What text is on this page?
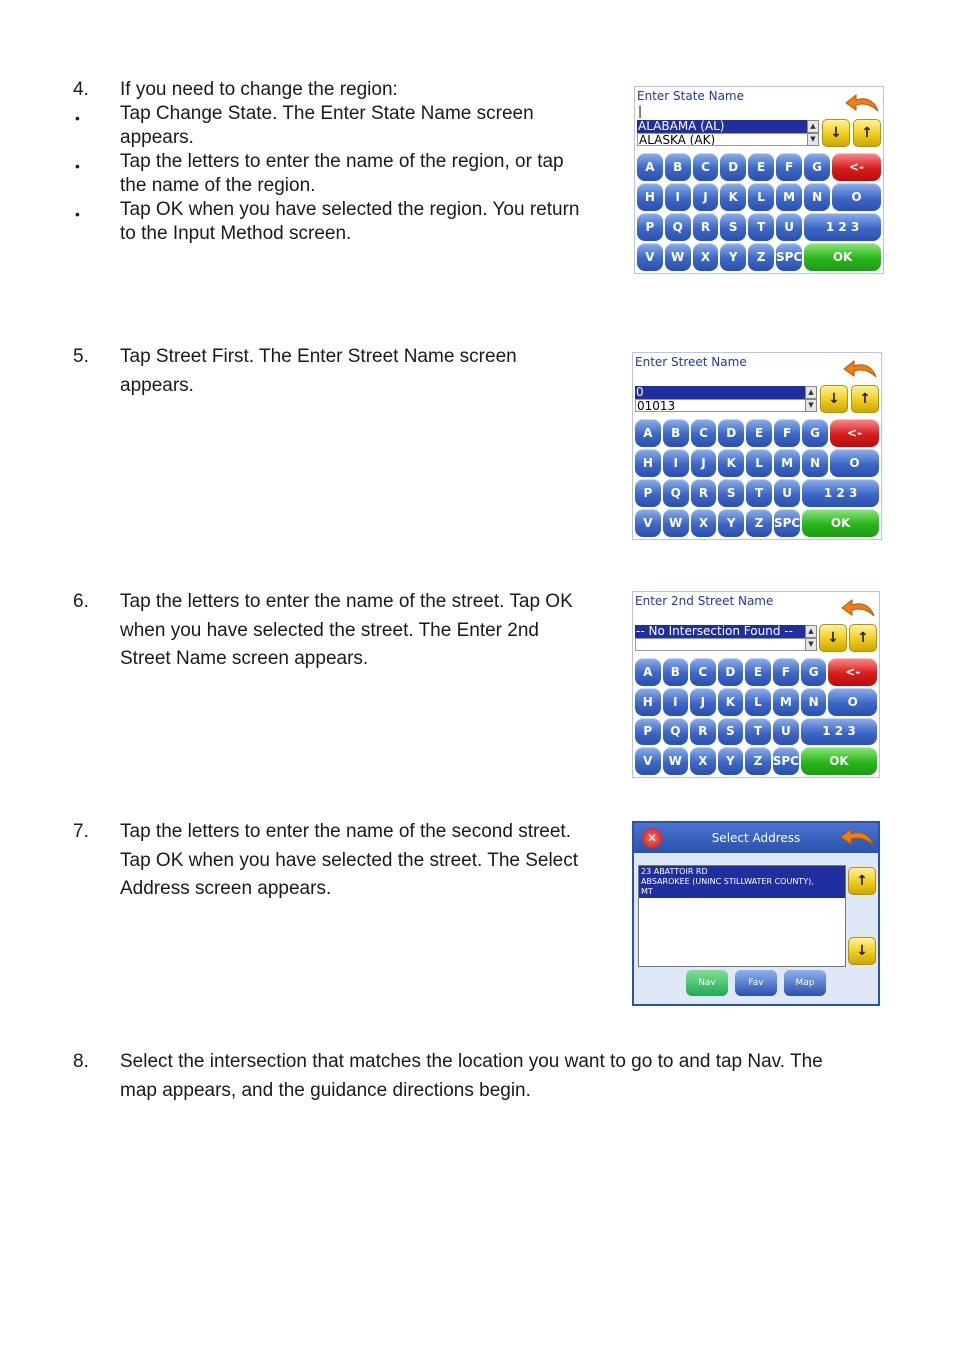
4. If you need to change the region:
• Tap Change State. The Enter State Name screen
appears.
• Tap the letters to enter the name of the region, or tap
the name of the region.
• Tap OK when you have selected the region. You return
to the Input Method screen.
Enter State Name
|
ALABAMA (AL)
ALASKA (AK)
▲
▼	↓	↑
A	B	C	D	E	F	G	<-
H	I	J	K	L	M	N	O
P	Q	R	S	T	U	1 2 3
V	W	X	Y	Z SPC	OK
5. Tap Street First. The Enter Street Name screen
appears.
Enter Street Name
0
01013
▲
▼	↓	↑
A	B	C	D	E	F	G	<-
H	I	J	K	L	M	N	O
P	Q	R	S	T	U	1 2 3
V	W	X	Y	Z SPC	OK
6. Tap the letters to enter the name of the street. Tap OK
when you have selected the street. The Enter 2nd
Street Name screen appears.
Enter 2nd Street Name
-- No Intersection Found --	▲
▼ ↓	↑
A	B	C	D	E	F	G	<-
H	I	J	K	L	M	N	O
P	Q	R	S	T	U	1 2 3
V	W	X	Y	Z SPC	OK
7. Tap the letters to enter the name of the second street.
Tap OK when you have selected the street. The Select
Address screen appears.
✕	Select Address
23 ABATTOIR RD
ABSAROKEE (UNINC STILLWATER COUNTY),
MT
↑
↓
Nav	Fav	Map
8. Select the intersection that matches the location you want to go to and tap Nav. The
map appears, and the guidance directions begin.
